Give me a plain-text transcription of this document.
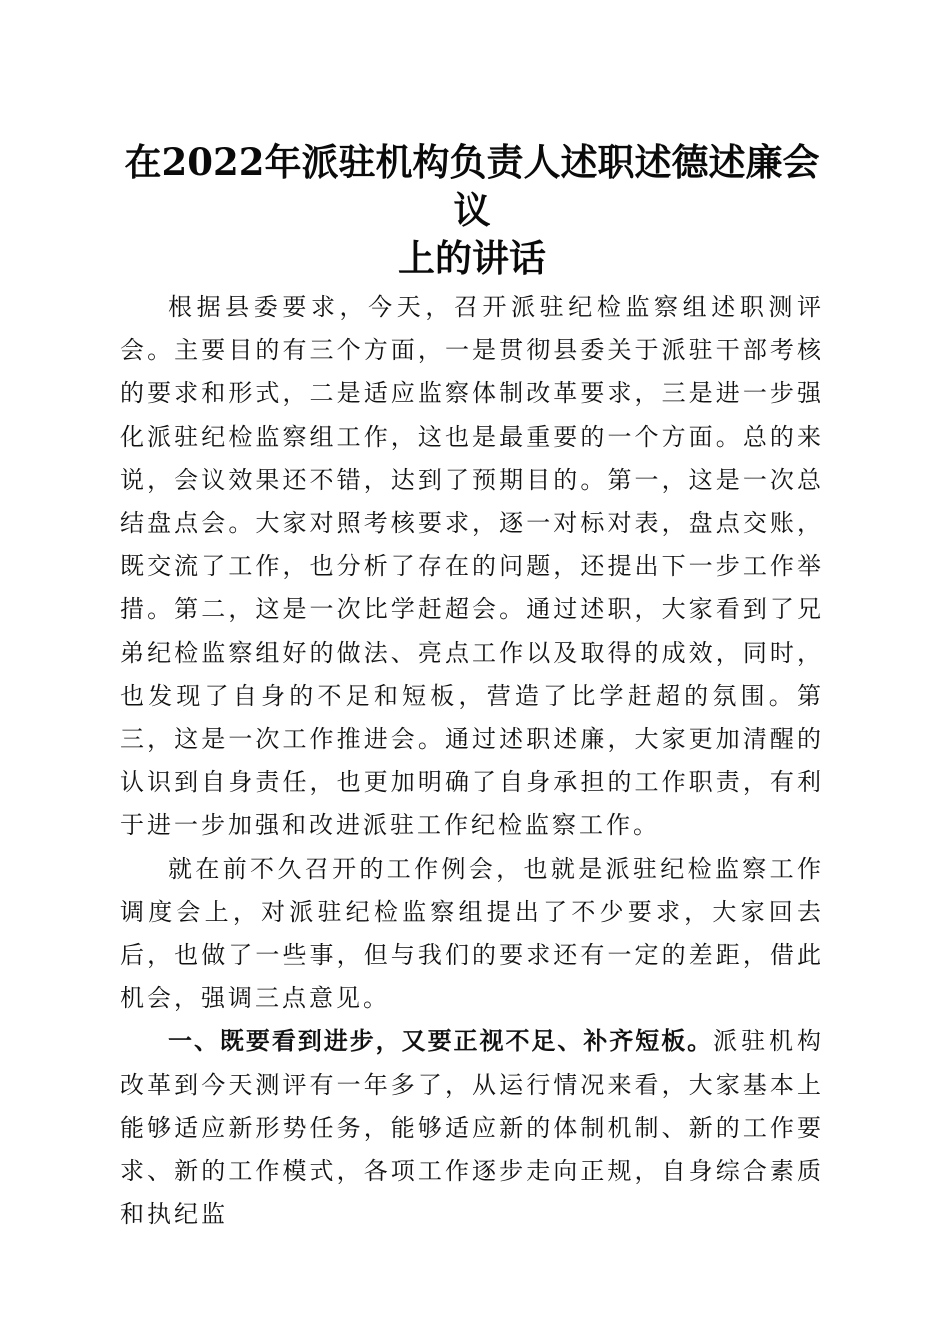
在2022年派驻机构负责人述职述德述廉会议
上的讲话

根据县委要求，今天，召开派驻纪检监察组述职测评会。主要目的有三个方面，一是贯彻县委关于派驻干部考核的要求和形式，二是适应监察体制改革要求，三是进一步强化派驻纪检监察组工作，这也是最重要的一个方面。总的来说，会议效果还不错，达到了预期目的。第一，这是一次总结盘点会。大家对照考核要求，逐一对标对表，盘点交账，既交流了工作，也分析了存在的问题，还提出下一步工作举措。第二，这是一次比学赶超会。通过述职，大家看到了兄弟纪检监察组好的做法、亮点工作以及取得的成效，同时，也发现了自身的不足和短板，营造了比学赶超的氛围。第三，这是一次工作推进会。通过述职述廉，大家更加清醒的认识到自身责任，也更加明确了自身承担的工作职责，有利于进一步加强和改进派驻工作纪检监察工作。

就在前不久召开的工作例会，也就是派驻纪检监察工作调度会上，对派驻纪检监察组提出了不少要求，大家回去后，也做了一些事，但与我们的要求还有一定的差距，借此机会，强调三点意见。

一、既要看到进步，又要正视不足、补齐短板。派驻机构改革到今天测评有一年多了，从运行情况来看，大家基本上能够适应新形势任务，能够适应新的体制机制、新的工作要求、新的工作模式，各项工作逐步走向正规，自身综合素质和执纪监
